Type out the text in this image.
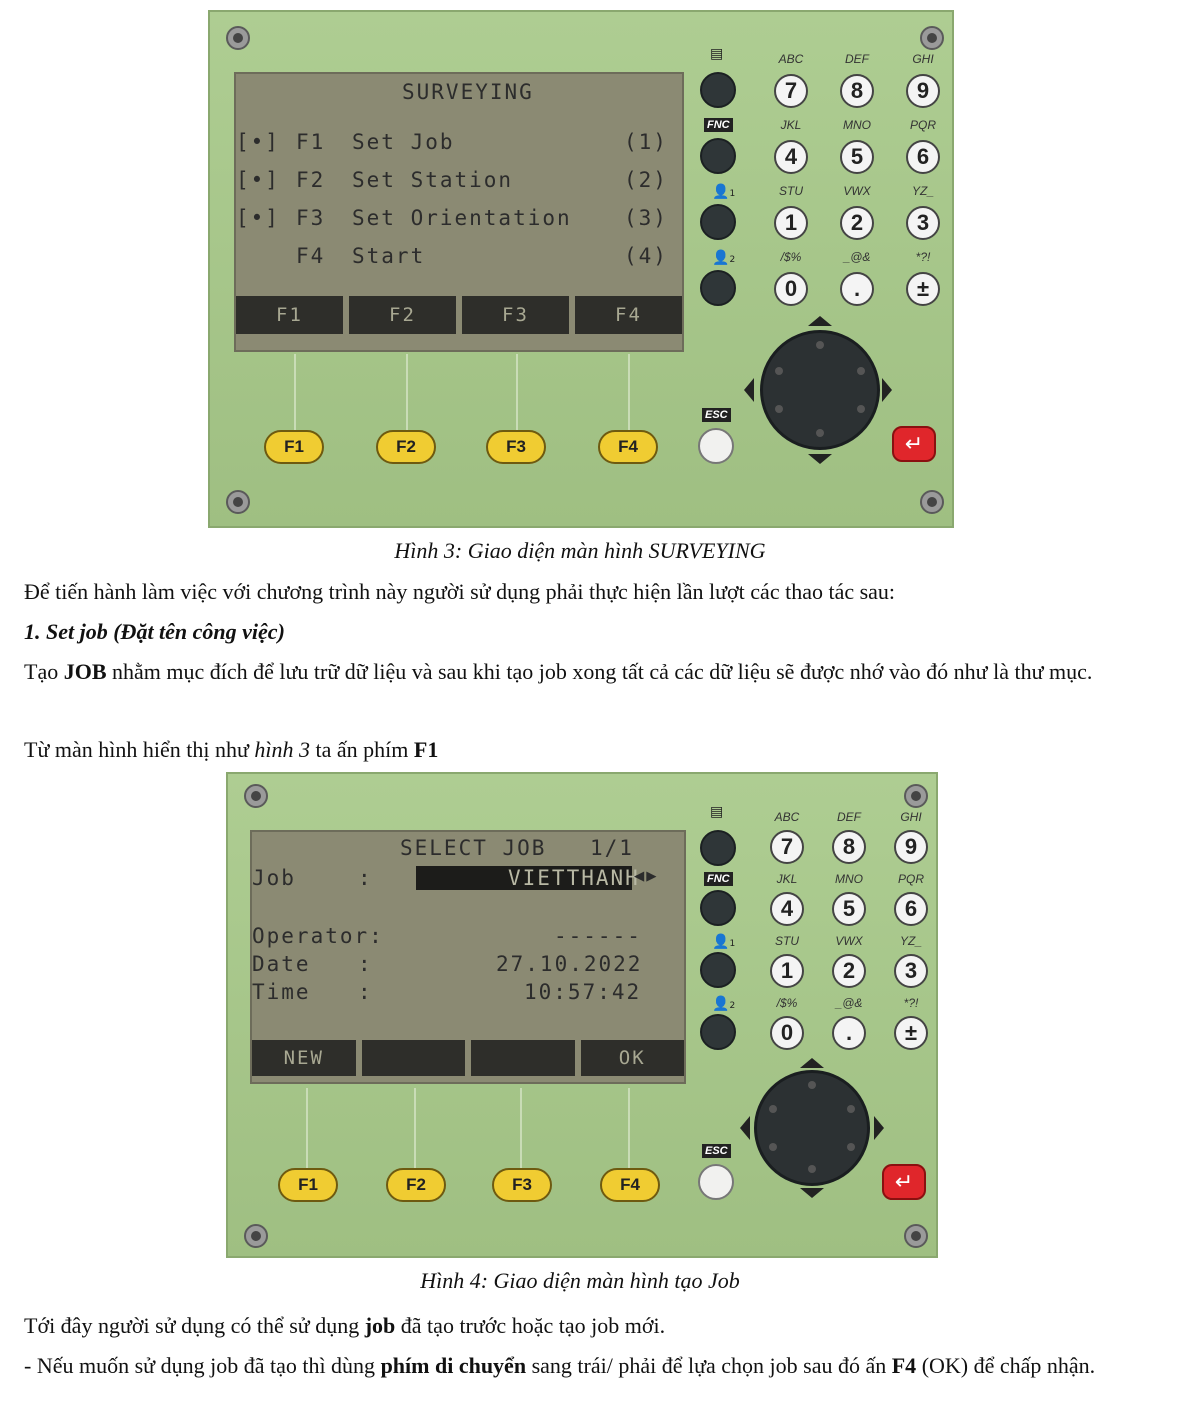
SURVEYING
[•] F1 Set Job	(1)
[•] F2 Set Station	(2)
[•] F3 Set Orientation (3)
F4 Start	(4)
F1	F2	F3	F4
F1	F2	F3	F4
▤
FNC
👤1
👤2
ABC	DEF	GHI
7	8	9
JKL	MNO	PQR
4	5	6
STU	VWX	YZ_
1	2	3
/$%	_@&	*?!
0	.	±
ESC
↵
Hình 3: Giao diện màn hình SURVEYING

Để tiến hành làm việc với chương trình này người sử dụng phải thực hiện lần lượt các thao tác sau:

1. Set job (Đặt tên công việc)

Tạo JOB nhằm mục đích để lưu trữ dữ liệu và sau khi tạo job xong tất cả các dữ liệu sẽ được nhớ vào đó như là thư mục.

Từ màn hình hiển thị như hình 3 ta ấn phím F1

SELECT JOB 1/1
Job	:	VIETTHANH
◀▶
Operator:	------
Date :	27.10.2022
Time :	10:57:42
NEW	OK
F1	F2	F3	F4
▤
FNC
👤1
👤2
ABC	DEF	GHI
7	8	9
JKL	MNO	PQR
4	5	6
STU	VWX	YZ_
1	2	3
/$%	_@&	*?!
0	.	±
ESC
↵
Hình 4: Giao diện màn hình tạo Job

Tới đây người sử dụng có thể sử dụng job đã tạo trước hoặc tạo job mới.

- Nếu muốn sử dụng job đã tạo thì dùng phím di chuyển sang trái/ phải để lựa chọn job sau đó ấn F4 (OK) để chấp nhận.
